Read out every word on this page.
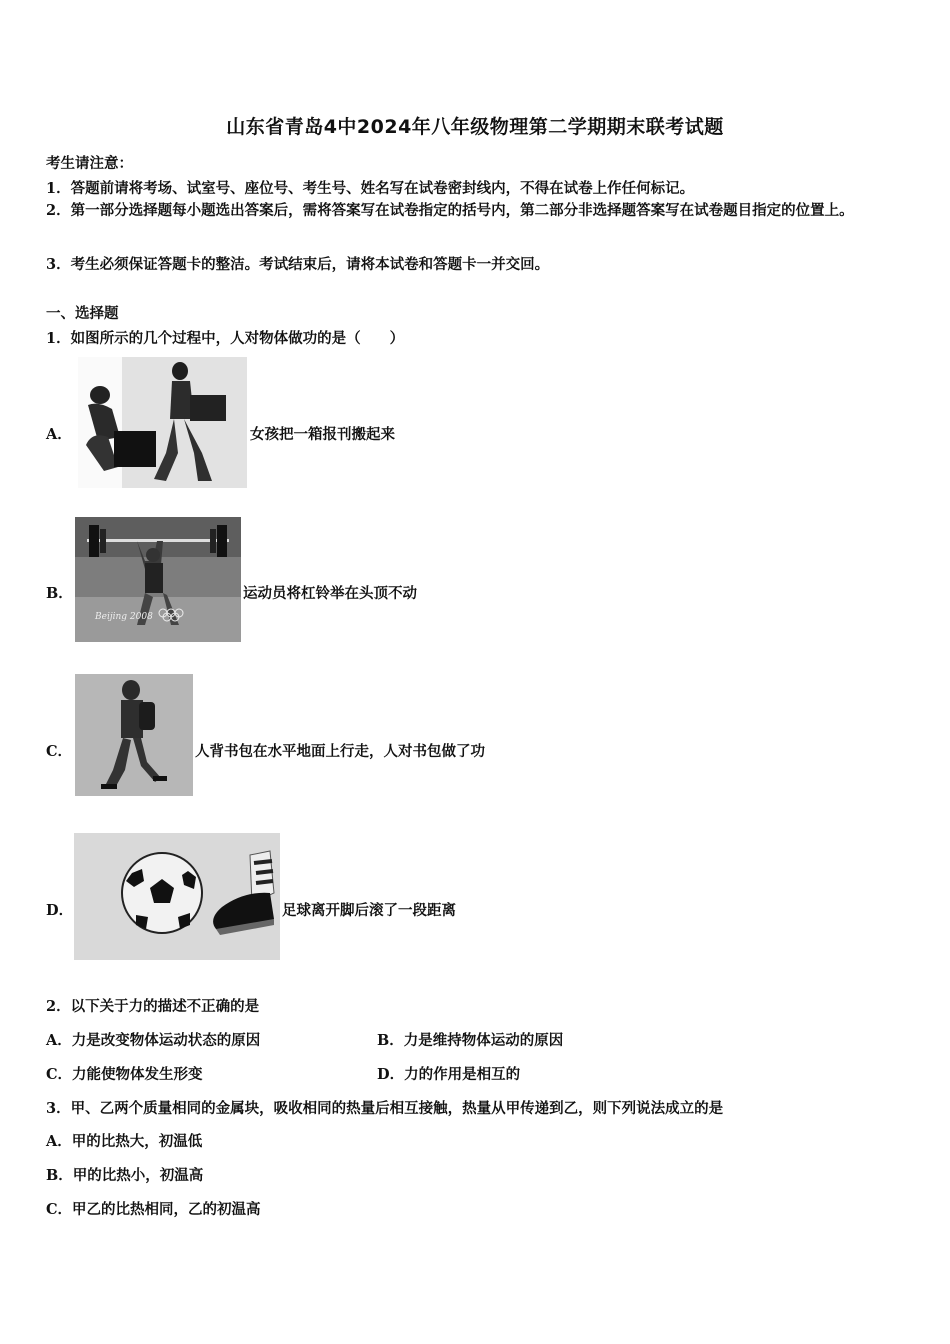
山东省青岛4中2024年八年级物理第二学期期末联考试题
考生请注意：
1．答题前请将考场、试室号、座位号、考生号、姓名写在试卷密封线内，不得在试卷上作任何标记。
2．第一部分选择题每小题选出答案后，需将答案写在试卷指定的括号内，第二部分非选择题答案写在试卷题目指定的位置上。
3．考生必须保证答题卡的整洁。考试结束后，请将本试卷和答题卡一并交回。
一、选择题
1．如图所示的几个过程中，人对物体做功的是（　　）
A．	女孩把一箱报刊搬起来
B．
Beijing 2008
运动员将杠铃举在头顶不动
C．	人背书包在水平地面上行走，人对书包做了功
D．	足球离开脚后滚了一段距离
2．以下关于力的描述不正确的是
A．力是改变物体运动状态的原因	B．力是维持物体运动的原因
C．力能使物体发生形变	D．力的作用是相互的
3．甲、乙两个质量相同的金属块，吸收相同的热量后相互接触，热量从甲传递到乙，则下列说法成立的是
A．甲的比热大，初温低
B．甲的比热小，初温高
C．甲乙的比热相同，乙的初温高
